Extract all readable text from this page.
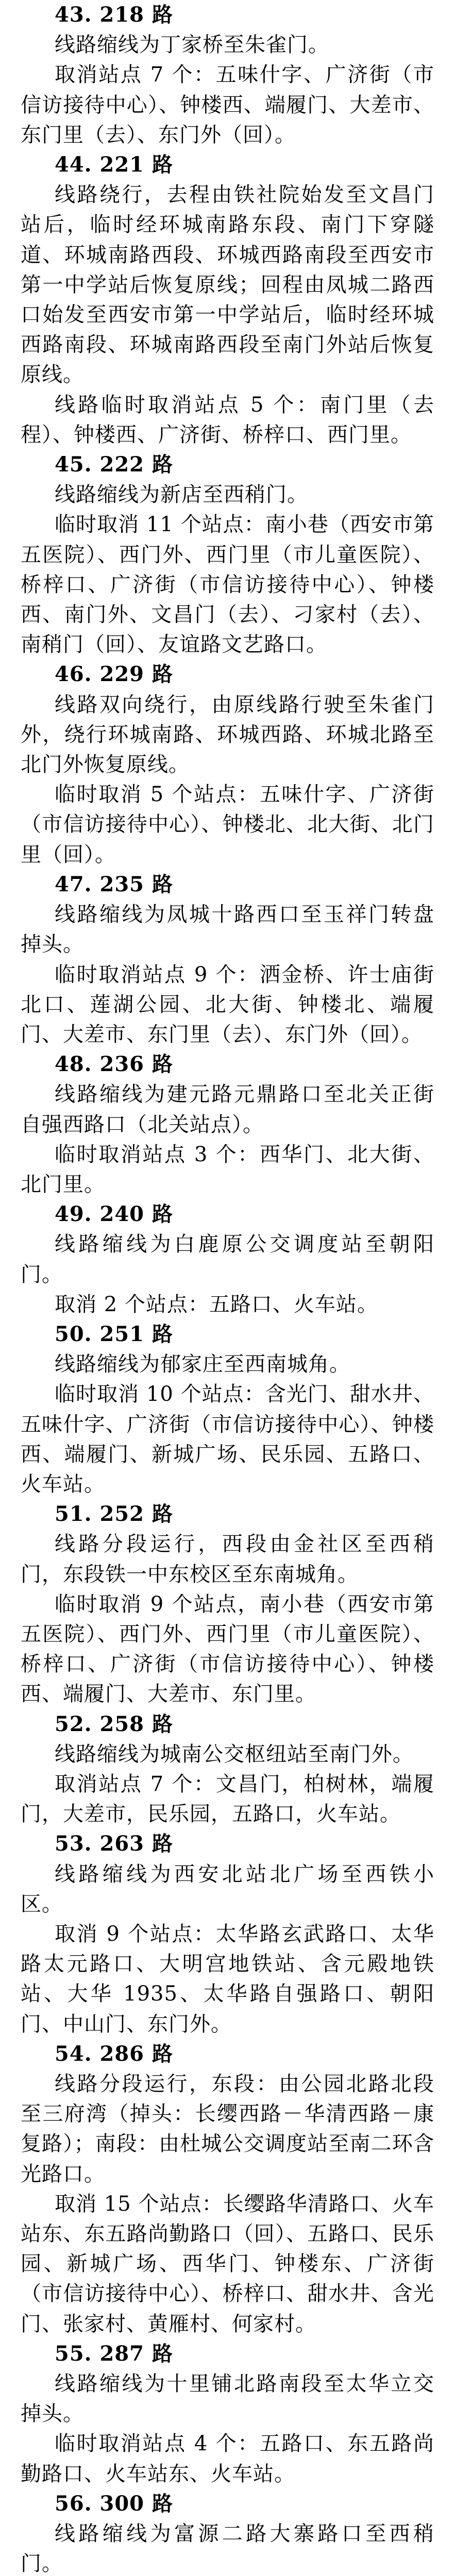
43. 218 路
线路缩线为丁家桥至朱雀门。
取消站点 7 个：五味什字、广济街（市信访接待中心）、钟楼西、端履门、大差市、东门里（去）、东门外（回）。
44. 221 路
线路绕行，去程由铁社院始发至文昌门站后，临时经环城南路东段、南门下穿隧道、环城南路西段、环城西路南段至西安市第一中学站后恢复原线；回程由凤城二路西口始发至西安市第一中学站后，临时经环城西路南段、环城南路西段至南门外站后恢复原线。
线路临时取消站点 5 个：南门里（去程）、钟楼西、广济街、桥梓口、西门里。
45. 222 路
线路缩线为新店至西稍门。
临时取消 11 个站点：南小巷（西安市第五医院）、西门外、西门里（市儿童医院）、桥梓口、广济街（市信访接待中心）、钟楼西、南门外、文昌门（去）、刁家村（去）、南稍门（回）、友谊路文艺路口。
46. 229 路
线路双向绕行，由原线路行驶至朱雀门外，绕行环城南路、环城西路、环城北路至北门外恢复原线。
临时取消 5 个站点：五味什字、广济街（市信访接待中心）、钟楼北、北大街、北门里（回）。
47. 235 路
线路缩线为凤城十路西口至玉祥门转盘掉头。
临时取消站点 9 个：洒金桥、许士庙街北口、莲湖公园、北大街、钟楼北、端履门、大差市、东门里（去）、东门外（回）。
48. 236 路
线路缩线为建元路元鼎路口至北关正街自强西路口（北关站点）。
临时取消站点 3 个：西华门、北大街、北门里。
49. 240 路
线路缩线为白鹿原公交调度站至朝阳门。
取消 2 个站点：五路口、火车站。
50. 251 路
线路缩线为郁家庄至西南城角。
临时取消 10 个站点：含光门、甜水井、五味什字、广济街（市信访接待中心）、钟楼西、端履门、新城广场、民乐园、五路口、火车站。
51. 252 路
线路分段运行，西段由金社区至西稍门，东段铁一中东校区至东南城角。
临时取消 9 个站点，南小巷（西安市第五医院）、西门外、西门里（市儿童医院）、桥梓口、广济街（市信访接待中心）、钟楼西、端履门、大差市、东门里。
52. 258 路
线路缩线为城南公交枢纽站至南门外。
取消站点 7 个：文昌门，柏树林，端履门，大差市，民乐园，五路口，火车站。
53. 263 路
线路缩线为西安北站北广场至西铁小区。
取消 9 个站点：太华路玄武路口、太华路太元路口、大明宫地铁站、含元殿地铁站、大华 1935、太华路自强路口、朝阳门、中山门、东门外。
54. 286 路
线路分段运行，东段：由公园北路北段至三府湾（掉头：长缨西路－华清西路－康复路）；南段：由杜城公交调度站至南二环含光路口。
取消 15 个站点：长缨路华清路口、火车站东、东五路尚勤路口（回）、五路口、民乐园、新城广场、西华门、钟楼东、广济街（市信访接待中心）、桥梓口、甜水井、含光门、张家村、黄雁村、何家村。
55. 287 路
线路缩线为十里铺北路南段至太华立交掉头。
临时取消站点 4 个：五路口、东五路尚勤路口、火车站东、火车站。
56. 300 路
线路缩线为富源二路大寨路口至西稍门。
